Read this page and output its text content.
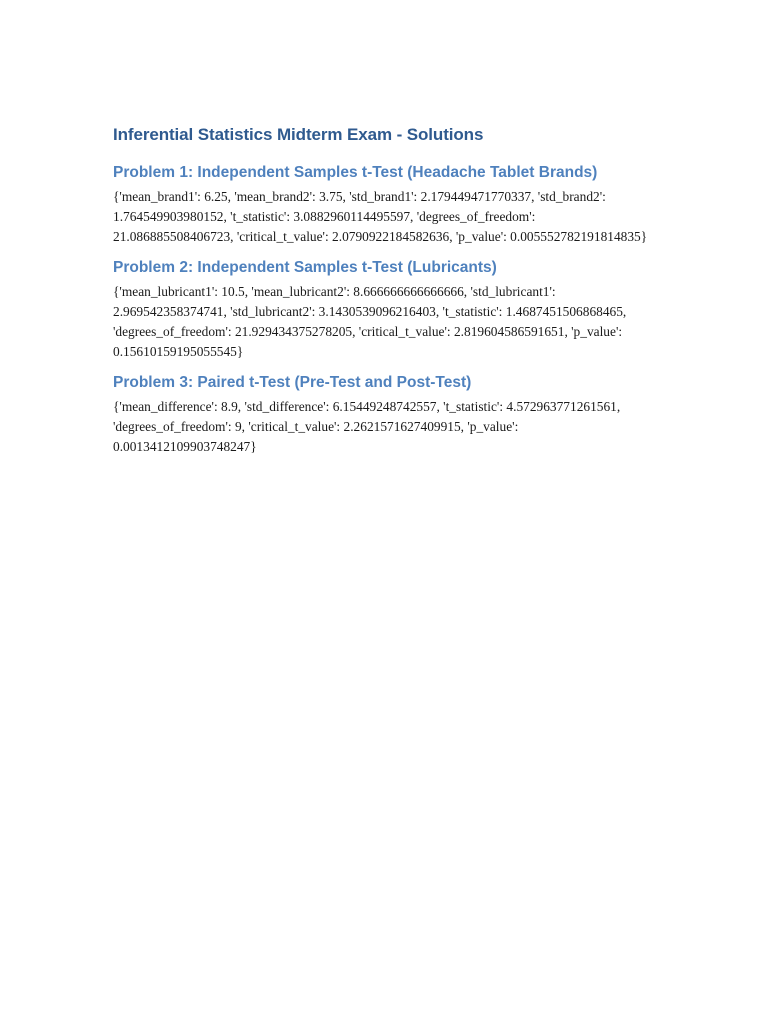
Inferential Statistics Midterm Exam - Solutions
Problem 1: Independent Samples t-Test (Headache Tablet Brands)

{'mean_brand1': 6.25, 'mean_brand2': 3.75, 'std_brand1': 2.179449471770337, 'std_brand2': 1.764549903980152, 't_statistic': 3.0882960114495597, 'degrees_of_freedom': 21.086885508406723, 'critical_t_value': 2.0790922184582636, 'p_value': 0.005552782191814835}

Problem 2: Independent Samples t-Test (Lubricants)

{'mean_lubricant1': 10.5, 'mean_lubricant2': 8.666666666666666, 'std_lubricant1': 2.969542358374741, 'std_lubricant2': 3.1430539096216403, 't_statistic': 1.4687451506868465, 'degrees_of_freedom': 21.929434375278205, 'critical_t_value': 2.819604586591651, 'p_value': 0.15610159195055545}

Problem 3: Paired t-Test (Pre-Test and Post-Test)

{'mean_difference': 8.9, 'std_difference': 6.15449248742557, 't_statistic': 4.572963771261561, 'degrees_of_freedom': 9, 'critical_t_value': 2.2621571627409915, 'p_value': 0.0013412109903748247}
